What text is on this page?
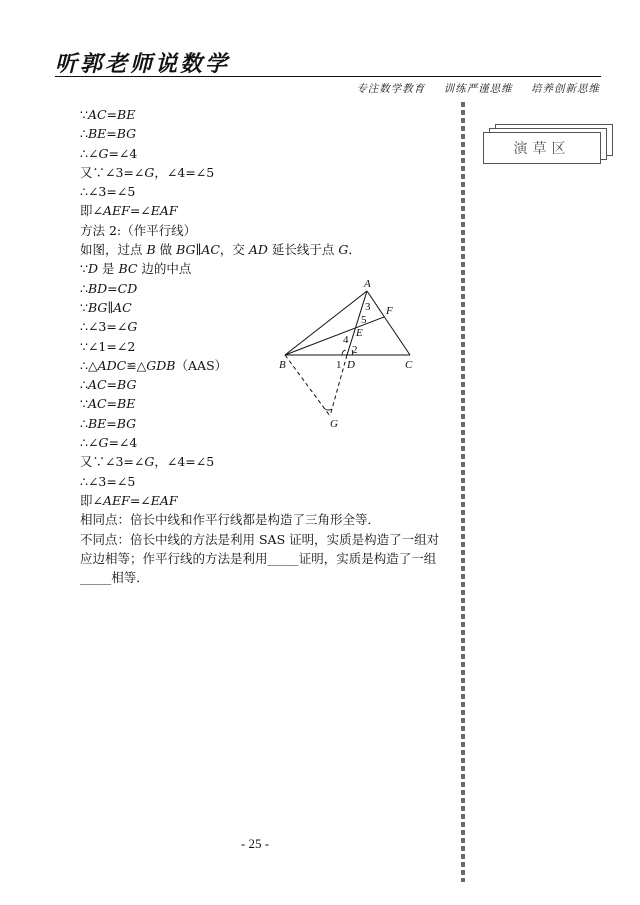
听郭老师说数学
专注数学教育 训练严谨思维 培养创新思维
演草区
∵AC=BE
∴BE=BG
∴∠G=∠4
又∵∠3=∠G，∠4=∠5
∴∠3=∠5
即∠AEF=∠EAF
方法 2:（作平行线）
如图，过点 B 做 BG∥AC，交 AD 延长线于点 G．
∵D 是 BC 边的中点
∴BD=CD
∵BG∥AC
∴∠3=∠G
∵∠1=∠2
∴△ADC≌△GDB（AAS）
∴AC=BG
∵AC=BE
∴BE=BG
∴∠G=∠4
又∵∠3=∠G，∠4=∠5
∴∠3=∠5
即∠AEF=∠EAF
相同点：倍长中线和作平行线都是构造了三角形全等．
不同点：倍长中线的方法是利用 SAS 证明，实质是构造了一组对
应边相等；作平行线的方法是利用_____证明，实质是构造了一组
_____相等．
A
B	C
D
E
F
G
1
2
3
4
5
- 25 -
